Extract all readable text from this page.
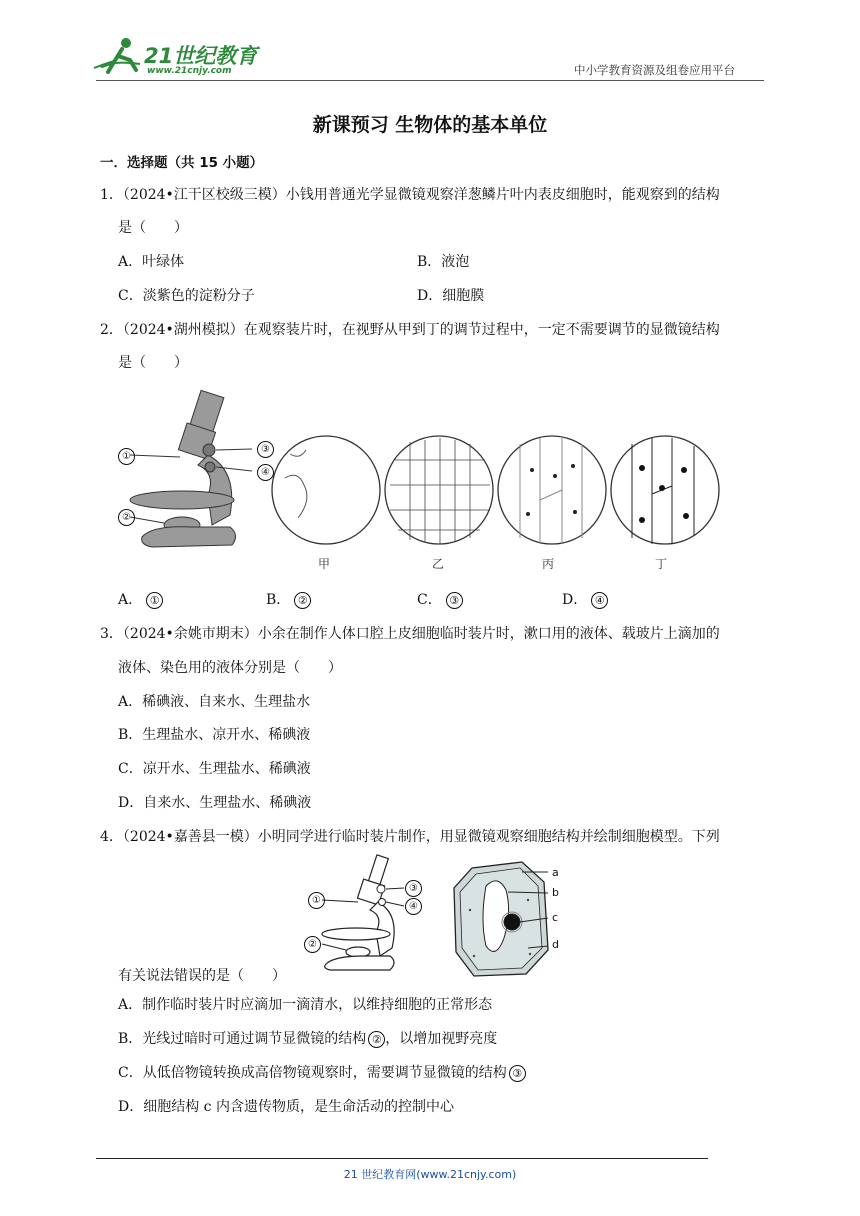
21世纪教育
www.21cnjy.com	中小学教育资源及组卷应用平台
新课预习 生物体的基本单位
一．选择题（共 15 小题）
1．（2024•江干区校级三模）小钱用普通光学显微镜观察洋葱鳞片叶内表皮细胞时，能观察到的结构
是（　　）
A．叶绿体	B．液泡
C．淡紫色的淀粉分子	D．细胞膜
2．（2024•湖州模拟）在观察装片时，在视野从甲到丁的调节过程中，一定不需要调节的显微镜结构
是（　　）
①
②
③
④
甲	乙	丙	丁
A． ①	B． ②	C． ③	D． ④
3．（2024•余姚市期末）小余在制作人体口腔上皮细胞临时装片时，漱口用的液体、载玻片上滴加的
液体、染色用的液体分别是（　　）
A．稀碘液、自来水、生理盐水
B．生理盐水、凉开水、稀碘液
C．凉开水、生理盐水、稀碘液
D．自来水、生理盐水、稀碘液
4．（2024•嘉善县一模）小明同学进行临时装片制作，用显微镜观察细胞结构并绘制细胞模型。下列
①
②
③
④
a
b
c
d
有关说法错误的是（　　）
A．制作临时装片时应滴加一滴清水，以维持细胞的正常形态
B．光线过暗时可通过调节显微镜的结构 ② ，以增加视野亮度
C．从低倍物镜转换成高倍物镜观察时，需要调节显微镜的结构 ③
D．细胞结构 c 内含遗传物质，是生命活动的控制中心
21 世纪教育网(www.21cnjy.com)
